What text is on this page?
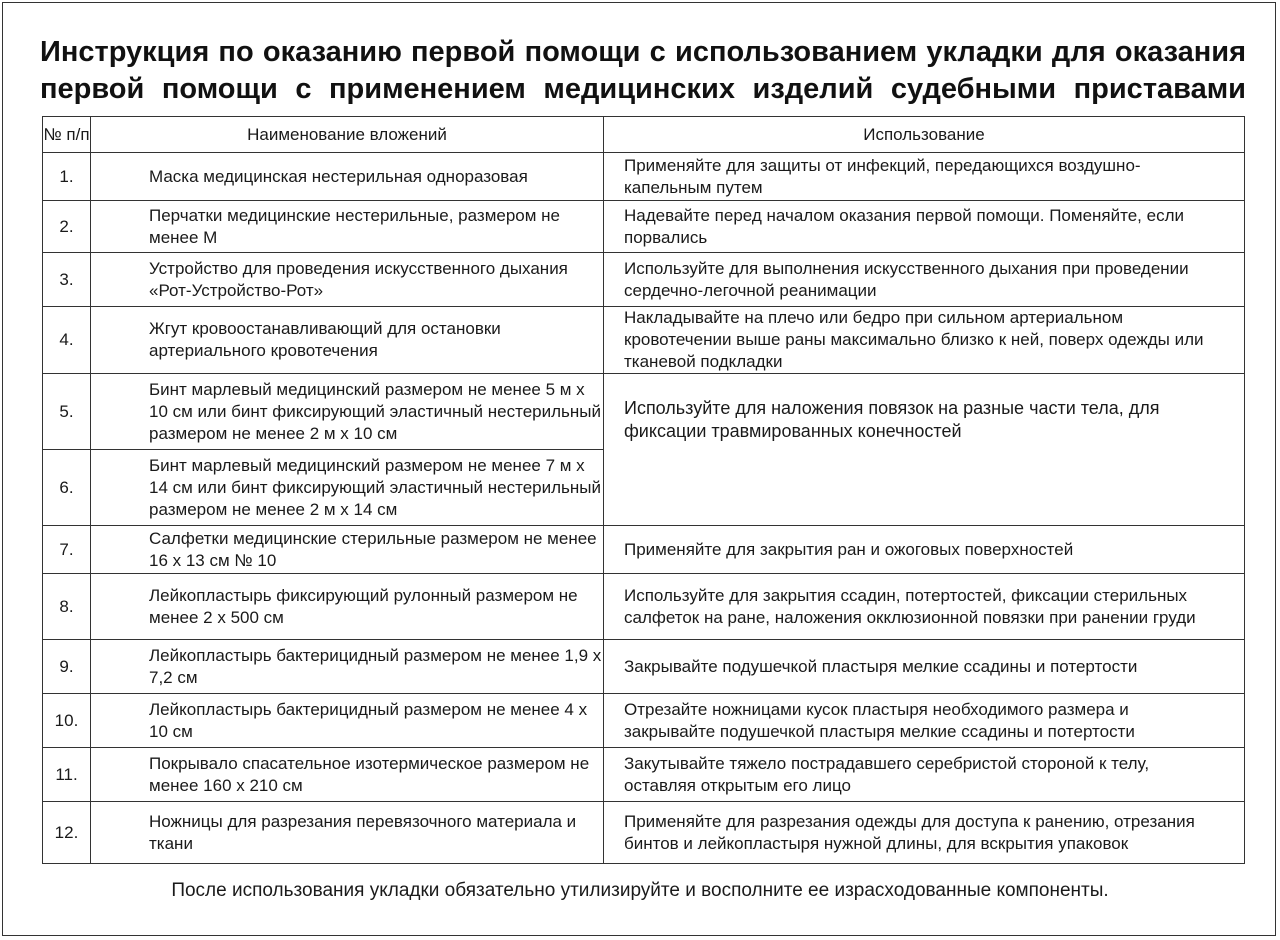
Инструкция по оказанию первой помощи с использованием укладки для оказания первой помощи с применением медицинских изделий судебными приставами
№ п/п	Наименование вложений	Использование
1.	Маска медицинская нестерильная одноразовая	Применяйте для защиты от инфекций, передающихся воздушно-капельным путем

2.	Перчатки медицинские нестерильные, размером не менее М	Надевайте перед началом оказания первой помощи. Поменяйте, если порвались

3.	Устройство для проведения искусственного дыхания «Рот-Устройство-Рот»	Используйте для выполнения искусственного дыхания при проведении сердечно-легочной реанимации

4.	Жгут кровоостанавливающий для остановки артериального кровотечения	Накладывайте на плечо или бедро при сильном артериальном кровотечении выше раны максимально близко к ней, поверх одежды или тканевой подкладки

5.	Бинт марлевый медицинский размером не менее 5 м х 10 см или бинт фиксирующий эластичный нестерильный размером не менее 2 м х 10 см	Используйте для наложения повязок на разные части тела, для фиксации травмированных конечностей

6.	Бинт марлевый медицинский размером не менее 7 м х 14 см или бинт фиксирующий эластичный нестерильный размером не менее 2 м х 14 см	

7.	Салфетки медицинские стерильные размером не менее 16 х 13 см № 10	Применяйте для закрытия ран и ожоговых поверхностей

8.	Лейкопластырь фиксирующий рулонный размером не менее 2 х 500 см	Используйте для закрытия ссадин, потертостей, фиксации стерильных салфеток на ране, наложения окклюзионной повязки при ранении груди

9.	Лейкопластырь бактерицидный размером не менее 1,9 х 7,2 см	Закрывайте подушечкой пластыря мелкие ссадины и потертости

10.	Лейкопластырь бактерицидный размером не менее 4 х 10 см	Отрезайте ножницами кусок пластыря необходимого размера и закрывайте подушечкой пластыря мелкие ссадины и потертости

11.	Покрывало спасательное изотермическое размером не менее 160 х 210 см	Закутывайте тяжело пострадавшего серебристой стороной к телу, оставляя открытым его лицо

12.	Ножницы для разрезания перевязочного материала и ткани	Применяйте для разрезания одежды для доступа к ранению, отрезания бинтов и лейкопластыря нужной длины, для вскрытия упаковок
После использования укладки обязательно утилизируйте и восполните ее израсходованные компоненты.
